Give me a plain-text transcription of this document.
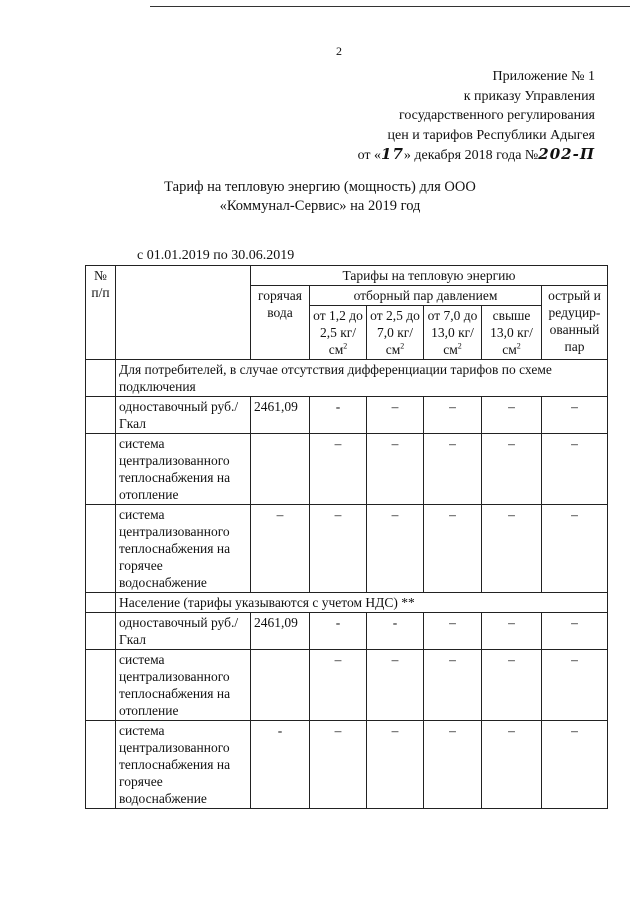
2
Приложение № 1
к приказу Управления
государственного регулирования
цен и тарифов Республики Адыгея
от «17» декабря 2018 года №202-П
Тариф на тепловую энергию (мощность) для ООО
«Коммунал-Сервис» на 2019 год
с 01.01.2019 по 30.06.2019
№ п/п		Тарифы на тепловую энергию					
		горячая вода	отборный пар давлением				острый и редуцир-ованный пар
			от 1,2 до 2,5 $кг/см^2$	от 2,5 до 7,0 $кг/см^2$	от 7,0 до 13,0 $кг/см^2$	свыше 13,0 $кг/см^2$
	Для потребителей, в случае отсутствия дифференциации тарифов по схеме подключения						
	одноставочный руб./Гкал	2461,09	-	–	–	–	–
	система централизованного теплоснабжения на отопление		–	–	–	–	–
	система централизованного теплоснабжения на горячее водоснабжение	–	–	–	–	–	–
	Население (тарифы указываются с учетом НДС) **						
	одноставочный руб./Гкал	2461,09	-	-	–	–	–
	система централизованного теплоснабжения на отопление		–	–	–	–	–
	система централизованного теплоснабжения на горячее водоснабжение	-	–	–	–	–	–
